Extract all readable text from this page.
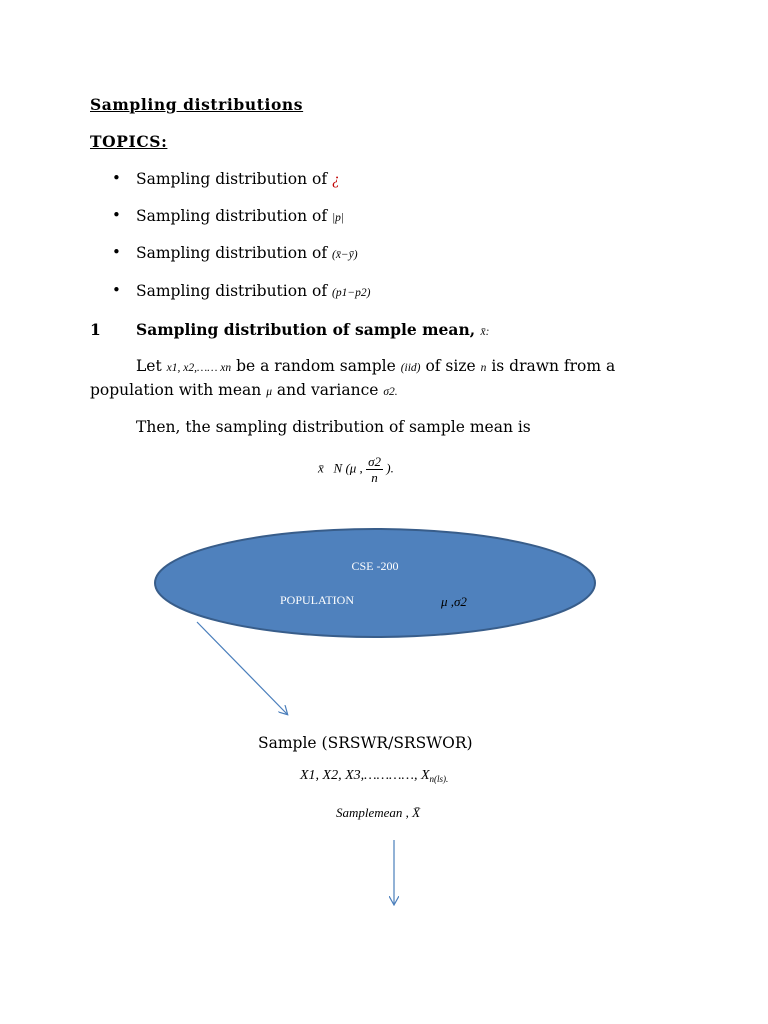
Sampling distributions
TOPICS:
• Sampling distribution of ¿
• Sampling distribution of |p|
• Sampling distribution of (x̄−ȳ)
• Sampling distribution of (p1−p2)
1 Sampling distribution of sample mean, x̄:
Let x1, x2,…… xn be a random sample (iid) of size n is drawn from a
population with mean μ and variance σ2.
Then, the sampling distribution of sample mean is
x̄ N (μ , $\frac{\sigma 2}{n}$ ).
CSE -200
POPULATION	μ ,σ2
Sample (SRSWR/SRSWOR)
X1, X2, X3,…………, $X_{n(ls).}$
Samplemean , X̄
